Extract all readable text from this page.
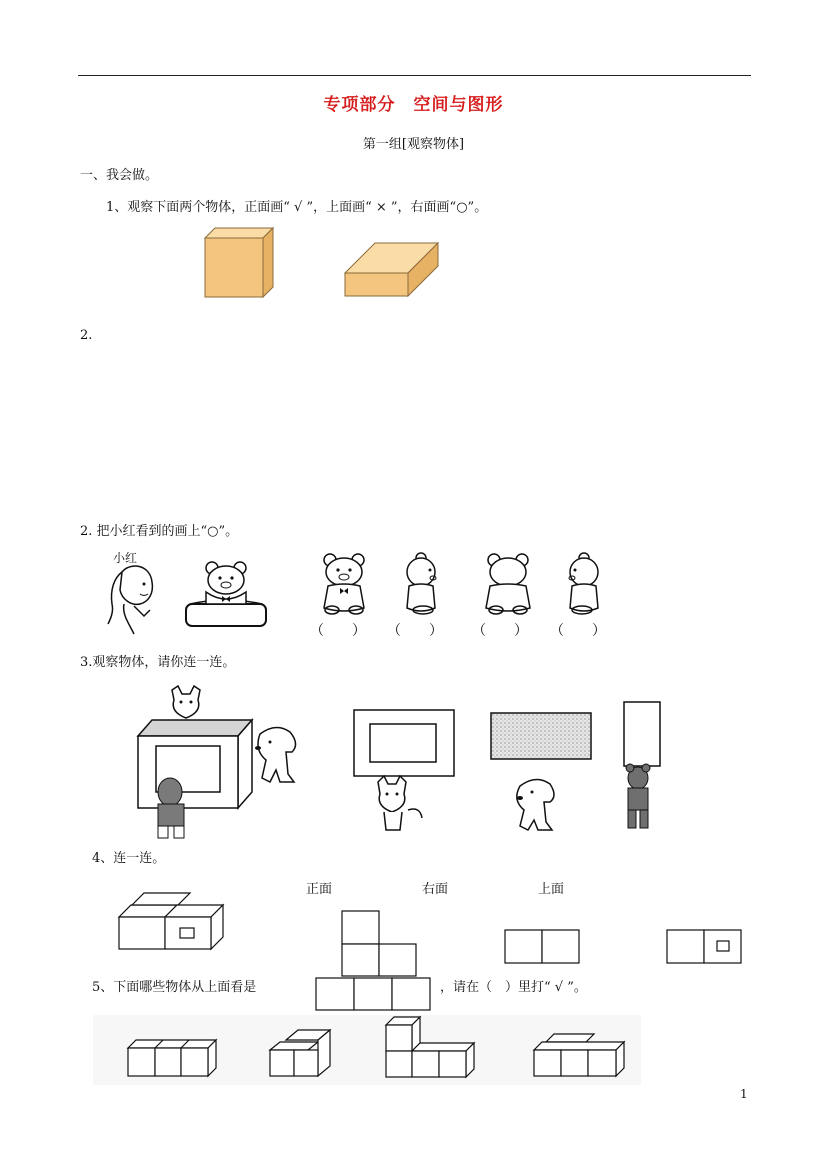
专项部分　空间与图形
第一组[观察物体]
一、我会做。
1、观察下面两个物体，正面画“ √ ”，上面画“ × ”，右面画“○”。
2.
2. 把小红看到的画上“○”。
小红
（　　） （　　） （　　） （　　）
3.观察物体，请你连一连。
4、连一连。
正面	右面	上面
5、下面哪些物体从上面看是	，请在（　）里打“ √ ”。
1
